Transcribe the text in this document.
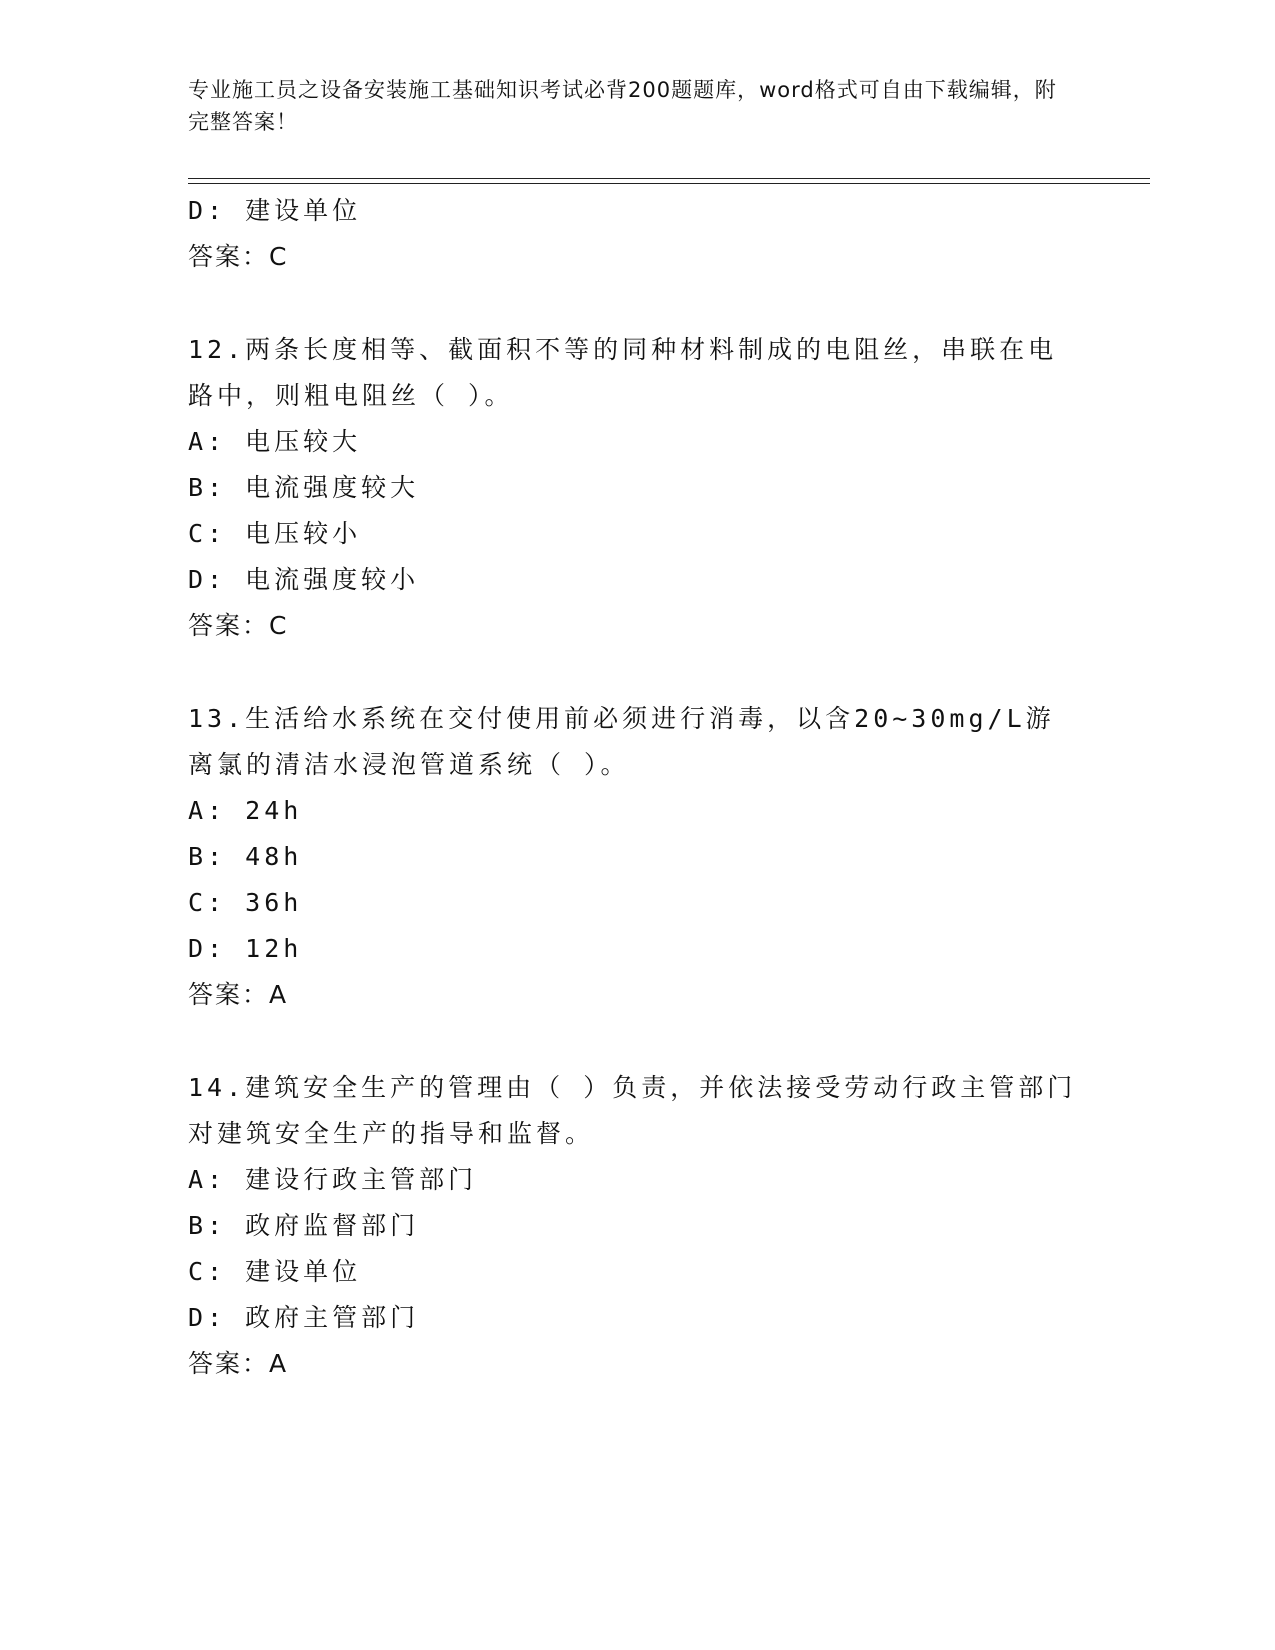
专业施工员之设备安装施工基础知识考试必背200题题库，word格式可自由下载编辑，附完整答案！
D: 建设单位
答案：C
12.两条长度相等、截面积不等的同种材料制成的电阻丝，串联在电路中，则粗电阻丝（ ）。
A: 电压较大
B: 电流强度较大
C: 电压较小
D: 电流强度较小
答案：C
13.生活给水系统在交付使用前必须进行消毒，以含20~30mg/L游离氯的清洁水浸泡管道系统（ ）。
A: 24h
B: 48h
C: 36h
D: 12h
答案：A
14.建筑安全生产的管理由（ ）负责，并依法接受劳动行政主管部门对建筑安全生产的指导和监督。
A: 建设行政主管部门
B: 政府监督部门
C: 建设单位
D: 政府主管部门
答案：A
